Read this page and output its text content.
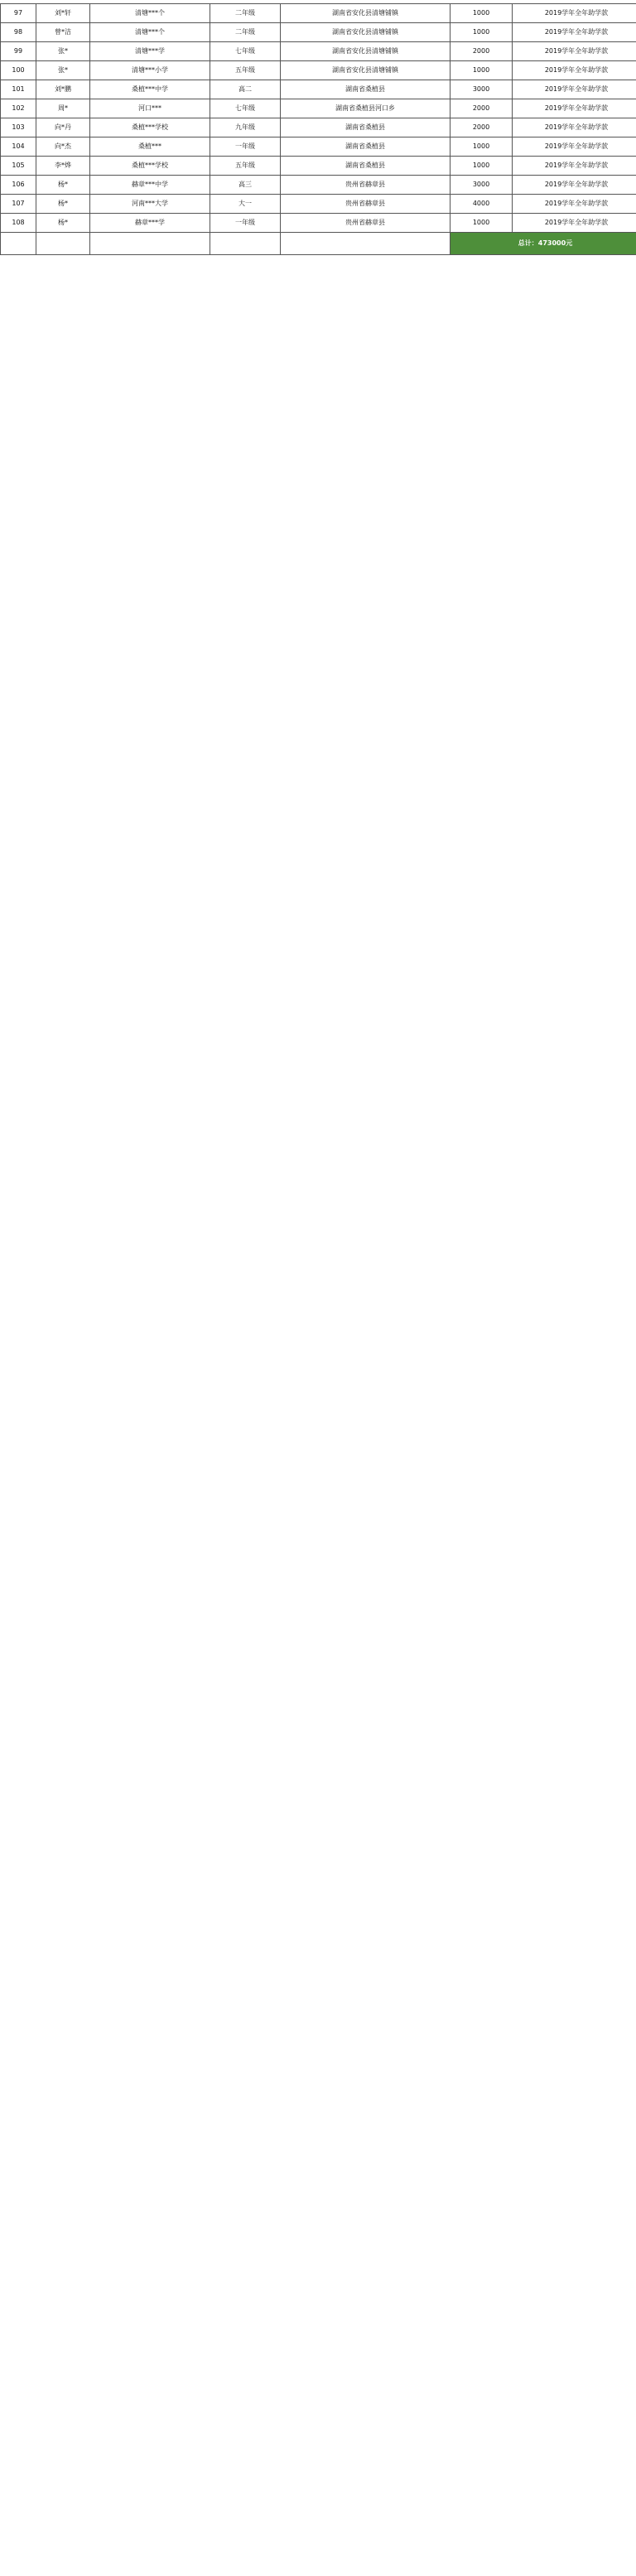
97	刘*轩	清塘***个	二年级	湖南省安化县清塘铺镇	1000	2019学年全年助学款
98	曾*洁	清塘***个	二年级	湖南省安化县清塘铺镇	1000	2019学年全年助学款
99	张*	清塘***学	七年级	湖南省安化县清塘铺镇	2000	2019学年全年助学款
100	张*	清塘***小学	五年级	湖南省安化县清塘铺镇	1000	2019学年全年助学款
101	刘*鹏	桑植***中学	高二	湖南省桑植县	3000	2019学年全年助学款
102	周*	河口***	七年级	湖南省桑植县河口乡	2000	2019学年全年助学款
103	向*丹	桑植***学校	九年级	湖南省桑植县	2000	2019学年全年助学款
104	向*杰	桑植***	一年级	湖南省桑植县	1000	2019学年全年助学款
105	李*烨	桑植***学校	五年级	湖南省桑植县	1000	2019学年全年助学款
106	杨*	赫章***中学	高三	贵州省赫章县	3000	2019学年全年助学款
107	杨*	河南***大学	大一	贵州省赫章县	4000	2019学年全年助学款
108	杨*	赫章***学	一年级	贵州省赫章县	1000	2019学年全年助学款
					总计：473000元	
